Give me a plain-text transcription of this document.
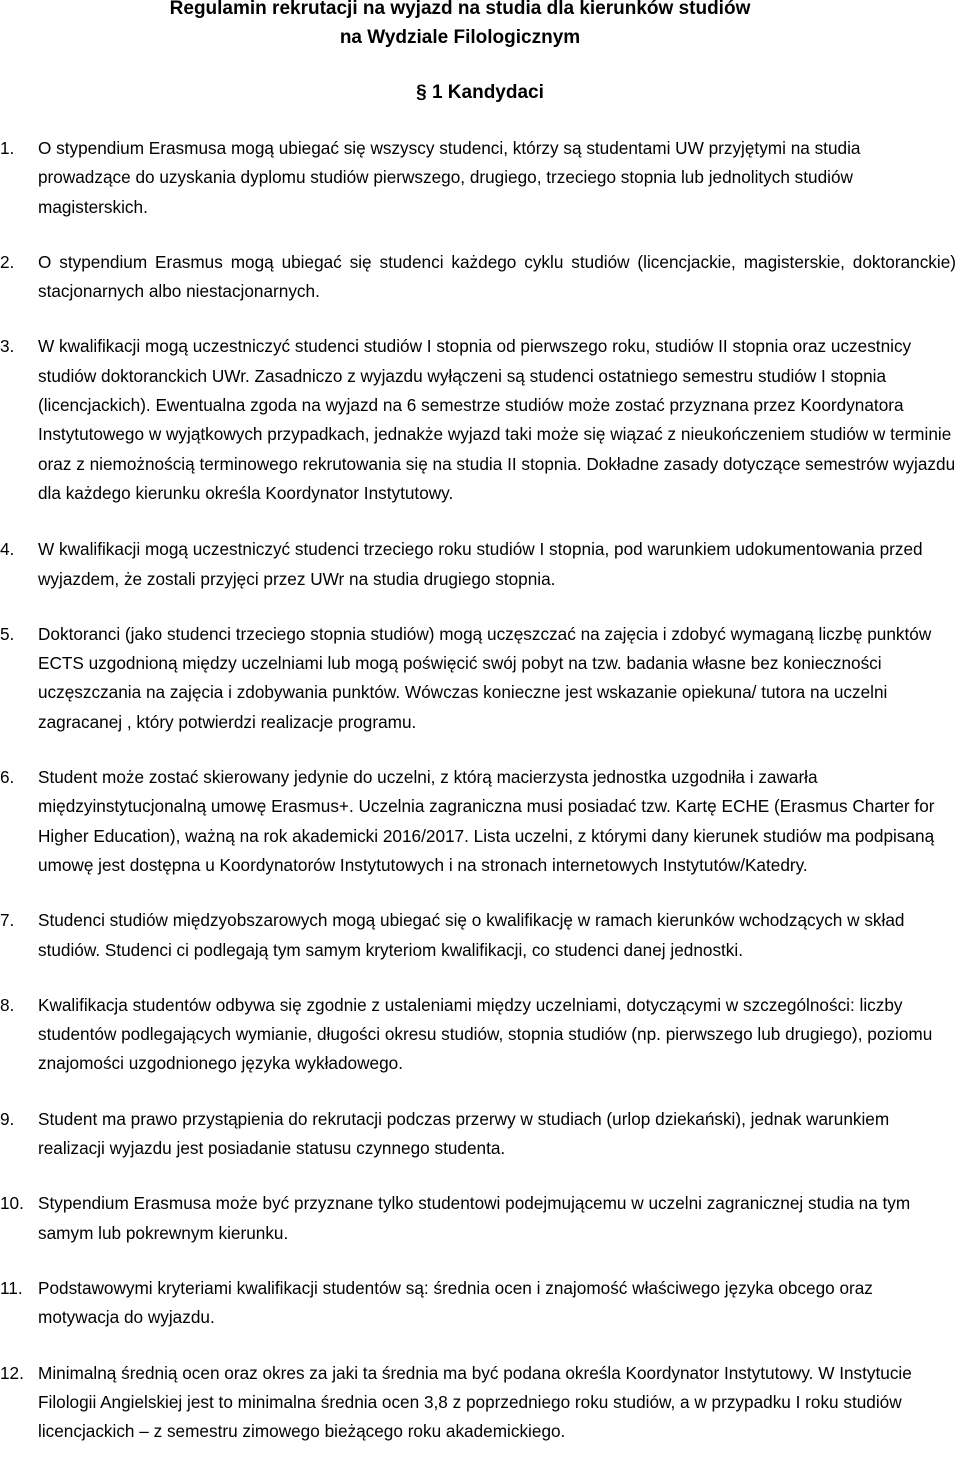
Regulamin rekrutacji na wyjazd na studia dla kierunków studiów
na Wydziale Filologicznym
§ 1 Kandydaci
1.	O stypendium Erasmusa mogą ubiegać się wszyscy studenci, którzy są studentami UW przyjętymi na studia prowadzące do uzyskania dyplomu studiów pierwszego, drugiego, trzeciego stopnia lub jednolitych studiów magisterskich.
2.	O stypendium Erasmus mogą ubiegać się studenci każdego cyklu studiów (licencjackie, magisterskie, doktoranckie) stacjonarnych albo niestacjonarnych.
3.	W kwalifikacji mogą uczestniczyć studenci studiów I stopnia od pierwszego roku, studiów II stopnia oraz uczestnicy studiów doktoranckich UWr. Zasadniczo z wyjazdu wyłączeni są studenci ostatniego semestru studiów I stopnia (licencjackich). Ewentualna zgoda na wyjazd na 6 semestrze studiów może zostać przyznana przez Koordynatora Instytutowego w wyjątkowych przypadkach, jednakże wyjazd taki może się wiązać z nieukończeniem studiów w terminie oraz z niemożnością terminowego rekrutowania się na studia II stopnia. Dokładne zasady dotyczące semestrów wyjazdu dla każdego kierunku określa Koordynator Instytutowy.
4.	W kwalifikacji mogą uczestniczyć studenci trzeciego roku studiów I stopnia, pod warunkiem udokumentowania przed wyjazdem, że zostali przyjęci przez UWr na studia drugiego stopnia.
5.	Doktoranci (jako studenci trzeciego stopnia studiów) mogą uczęszczać na zajęcia i zdobyć wymaganą liczbę punktów ECTS uzgodnioną między uczelniami lub mogą poświęcić swój pobyt na tzw. badania własne bez konieczności uczęszczania na zajęcia i zdobywania punktów. Wówczas konieczne jest wskazanie opiekuna/ tutora na uczelni zagracanej , który potwierdzi realizacje programu.
6.	Student może zostać skierowany jedynie do uczelni, z którą macierzysta jednostka uzgodniła i zawarła międzyinstytucjonalną umowę Erasmus+. Uczelnia zagraniczna musi posiadać tzw. Kartę ECHE (Erasmus Charter for Higher Education), ważną na rok akademicki 2016/2017. Lista uczelni, z którymi dany kierunek studiów ma podpisaną umowę jest dostępna u Koordynatorów Instytutowych i na stronach internetowych Instytutów/Katedry.
7.	Studenci studiów międzyobszarowych mogą ubiegać się o kwalifikację w ramach kierunków wchodzących w skład studiów. Studenci ci podlegają tym samym kryteriom kwalifikacji, co studenci danej jednostki.
8.	Kwalifikacja studentów odbywa się zgodnie z ustaleniami między uczelniami, dotyczącymi w szczególności: liczby studentów podlegających wymianie, długości okresu studiów, stopnia studiów (np. pierwszego lub drugiego), poziomu znajomości uzgodnionego języka wykładowego.
9.	Student ma prawo przystąpienia do rekrutacji podczas przerwy w studiach (urlop dziekański), jednak warunkiem realizacji wyjazdu jest posiadanie statusu czynnego studenta.
10. Stypendium Erasmusa może być przyznane tylko studentowi podejmującemu w uczelni zagranicznej studia na tym samym lub pokrewnym kierunku.
11. Podstawowymi kryteriami kwalifikacji studentów są: średnia ocen i znajomość właściwego języka obcego oraz motywacja do wyjazdu.
12. Minimalną średnią ocen oraz okres za jaki ta średnia ma być podana określa Koordynator Instytutowy. W Instytucie Filologii Angielskiej jest to minimalna średnia ocen 3,8 z poprzedniego roku studiów, a w przypadku I roku studiów licencjackich – z semestru zimowego bieżącego roku akademickiego.
